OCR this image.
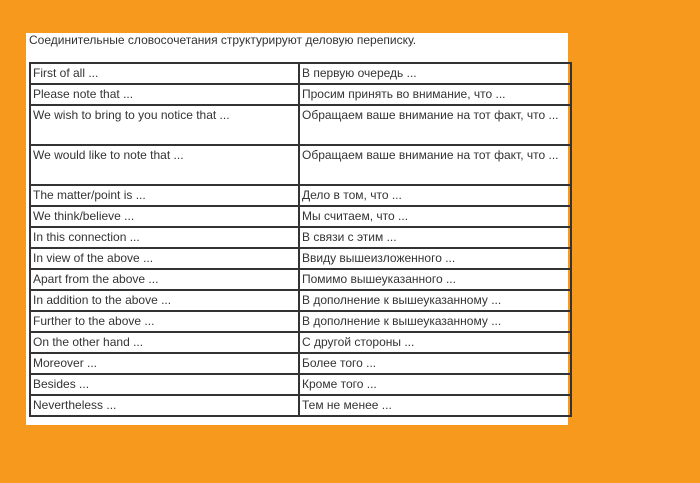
Соединительные словосочетания структурируют деловую переписку.
First of all ...	В первую очередь ...
Please note that ...	Просим принять во внимание, что ...
We wish to bring to you notice that ...	Обращаем ваше внимание на тот факт, что ...
We would like to note that ...	Обращаем ваше внимание на тот факт, что ...
The matter/point is ...	Дело в том, что ...
We think/believe ...	Мы считаем, что ...
In this connection ...	В связи с этим ...
In view of the above ...	Ввиду вышеизложенного ...
Apart from the above ...	Помимо вышеуказанного ...
In addition to the above ...	В дополнение к вышеуказанному ...
Further to the above ...	В дополнение к вышеуказанному ...
On the other hand ...	С другой стороны ...
Moreover ...	Более того ...
Besides ...	Кроме того ...
Nevertheless ...	Тем не менее ...
